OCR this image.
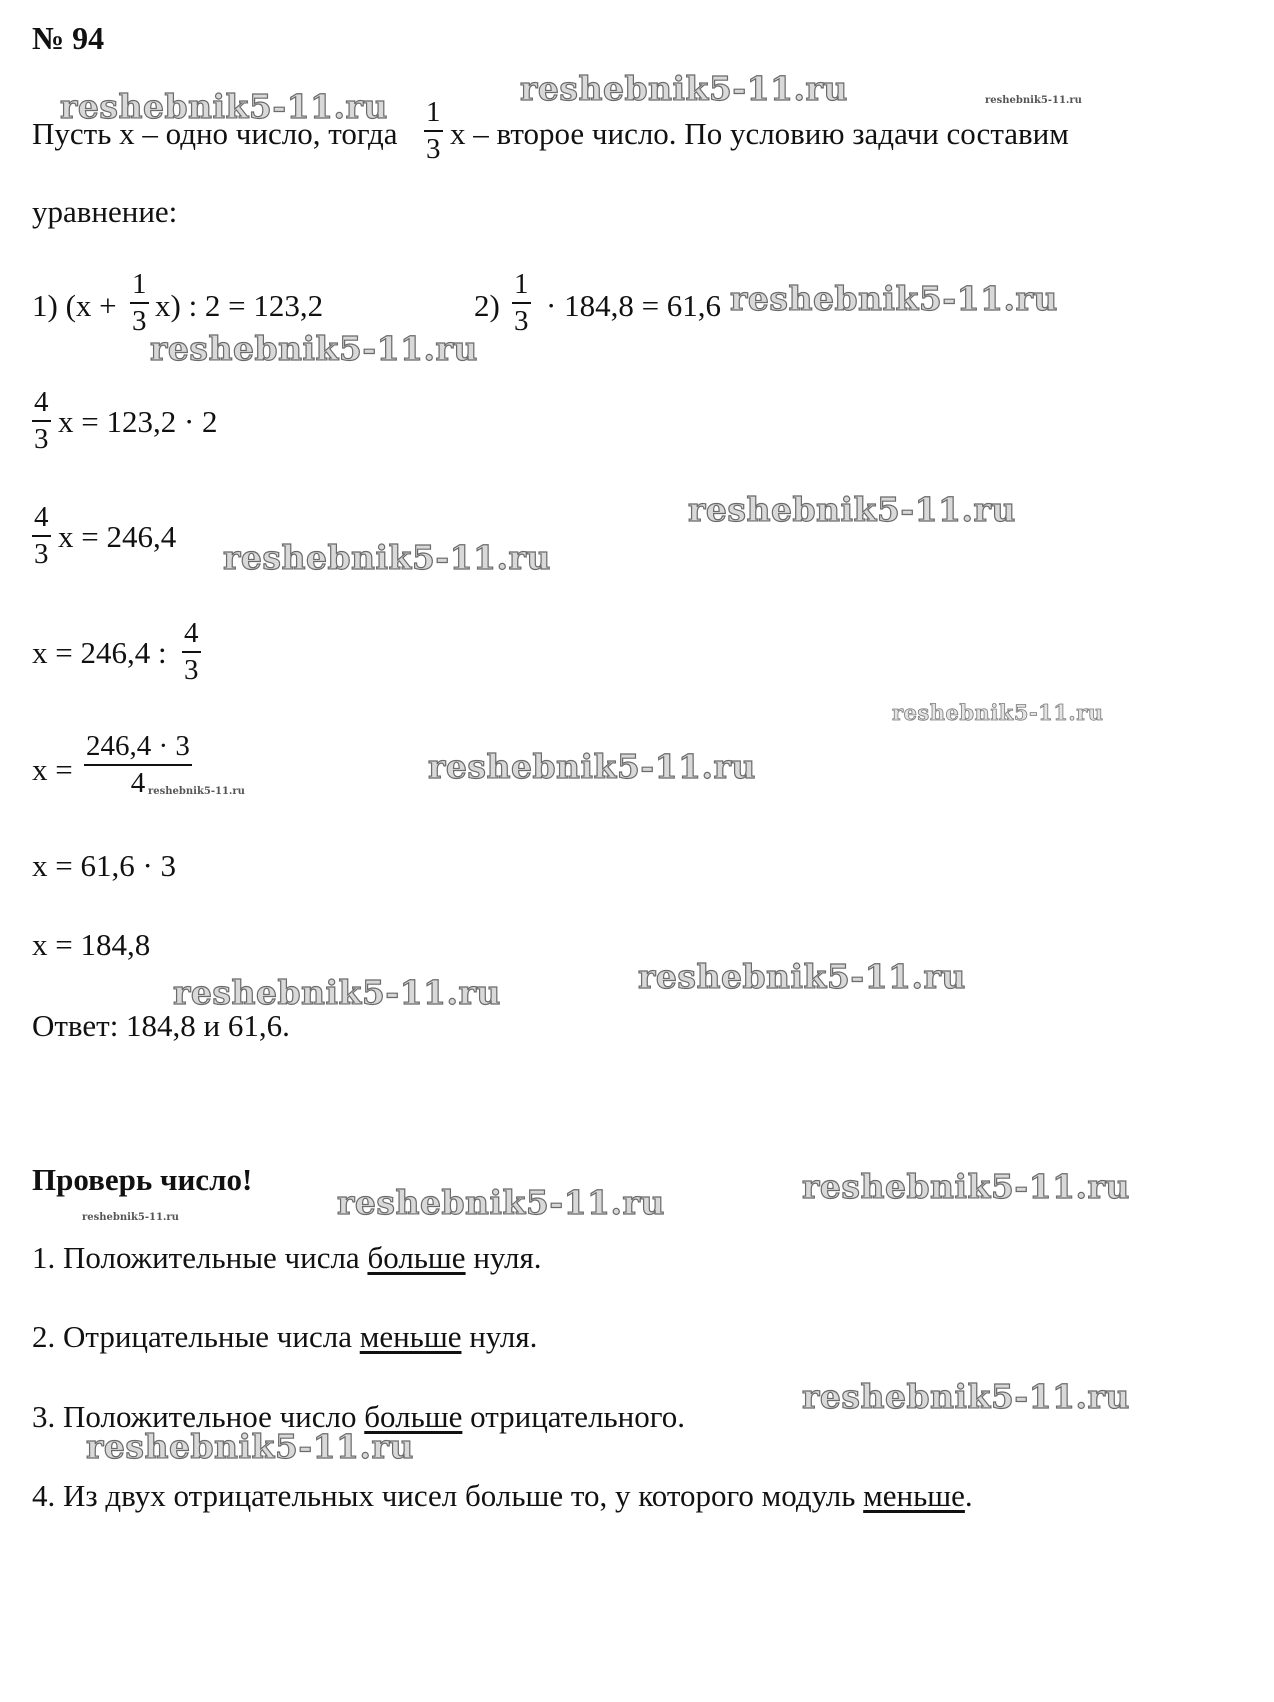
№ 94
Пусть x – одно число, тогда $\frac{1}{3}$ x – второе число. По условию задачи составим
уравнение:
1) $(x + \frac{1}{3} x)$ : 2 = 123,2	$2) \frac{1}{3} \cdot 184,8 = 61,6$
$\frac{4}{3}$ x = 123,2 · 2
$\frac{4}{3}$ x = 246,4
x = 246,4 : $\frac{4}{3}$
$x = \frac{246,4 \cdot 3}{4}$
x = 61,6 · 3
x = 184,8
Ответ: 184,8 и 61,6.
Проверь число!
1. Положительные числа больше нуля.
2. Отрицательные числа меньше нуля.
3. Положительное число больше отрицательного.
4. Из двух отрицательных чисел больше то, у которого модуль меньше.
reshebnik5-11.ru	reshebnik5-11.ru	reshebnik5-11.ru
reshebnik5-11.ru
reshebnik5-11.ru
reshebnik5-11.ru
reshebnik5-11.ru
reshebnik5-11.ru
reshebnik5-11.ru
reshebnik5-11.ru
reshebnik5-11.ru
reshebnik5-11.ru
reshebnik5-11.ru
reshebnik5-11.ru
reshebnik5-11.ru
reshebnik5-11.ru
reshebnik5-11.ru
